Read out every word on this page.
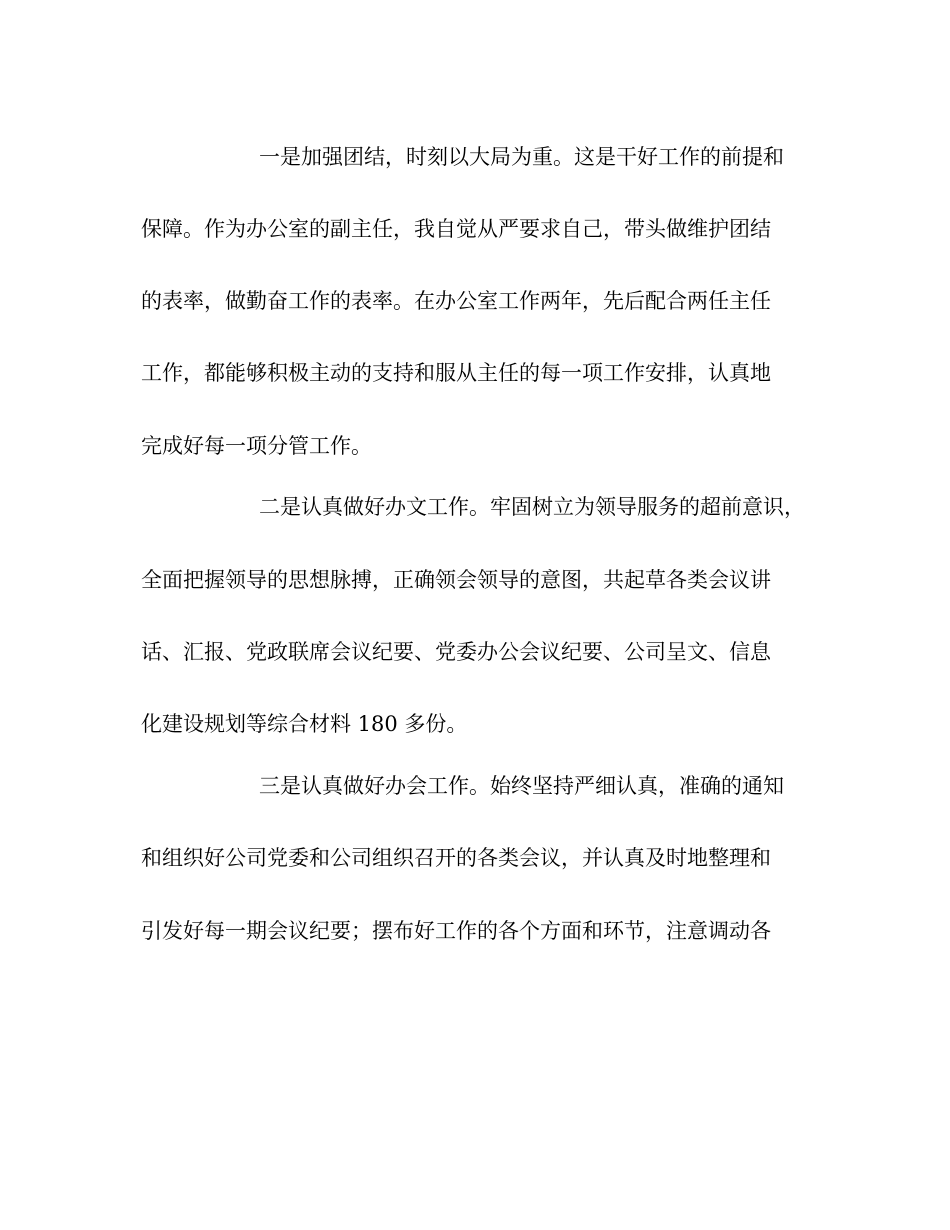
一是加强团结，时刻以大局为重。这是干好工作的前提和

保障。作为办公室的副主任，我自觉从严要求自己，带头做维护团结

的表率，做勤奋工作的表率。在办公室工作两年，先后配合两任主任

工作，都能够积极主动的支持和服从主任的每一项工作安排，认真地

完成好每一项分管工作。

二是认真做好办文工作。牢固树立为领导服务的超前意识，

全面把握领导的思想脉搏，正确领会领导的意图，共起草各类会议讲

话、汇报、党政联席会议纪要、党委办公会议纪要、公司呈文、信息

化建设规划等综合材料 180 多份。

三是认真做好办会工作。始终坚持严细认真，准确的通知

和组织好公司党委和公司组织召开的各类会议，并认真及时地整理和

引发好每一期会议纪要；摆布好工作的各个方面和环节，注意调动各
